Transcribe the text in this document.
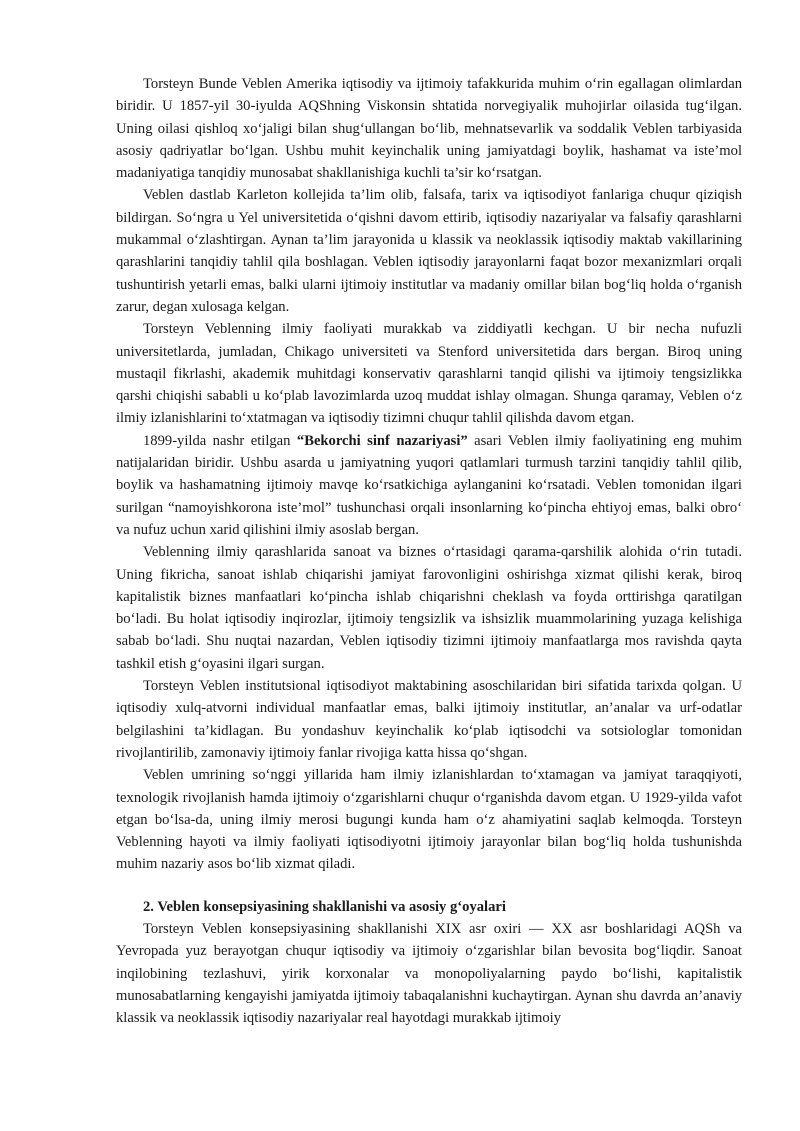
Torsteyn Bunde Veblen Amerika iqtisodiy va ijtimoiy tafakkurida muhim o‘rin egallagan olimlardan biridir. U 1857-yil 30-iyulda AQShning Viskonsin shtatida norvegiyalik muhojirlar oilasida tug‘ilgan. Uning oilasi qishloq xo‘jaligi bilan shug‘ullangan bo‘lib, mehnatsevarlik va soddalik Veblen tarbiyasida asosiy qadriyatlar bo‘lgan. Ushbu muhit keyinchalik uning jamiyatdagi boylik, hashamat va iste’mol madaniyatiga tanqidiy munosabat shakllanishiga kuchli ta’sir ko‘rsatgan.

Veblen dastlab Karleton kollejida ta’lim olib, falsafa, tarix va iqtisodiyot fanlariga chuqur qiziqish bildirgan. So‘ngra u Yel universitetida o‘qishni davom ettirib, iqtisodiy nazariyalar va falsafiy qarashlarni mukammal o‘zlashtirgan. Aynan ta’lim jarayonida u klassik va neoklassik iqtisodiy maktab vakillarining qarashlarini tanqidiy tahlil qila boshlagan. Veblen iqtisodiy jarayonlarni faqat bozor mexanizmlari orqali tushuntirish yetarli emas, balki ularni ijtimoiy institutlar va madaniy omillar bilan bog‘liq holda o‘rganish zarur, degan xulosaga kelgan.

Torsteyn Veblenning ilmiy faoliyati murakkab va ziddiyatli kechgan. U bir necha nufuzli universitetlarda, jumladan, Chikago universiteti va Stenford universitetida dars bergan. Biroq uning mustaqil fikrlashi, akademik muhitdagi konservativ qarashlarni tanqid qilishi va ijtimoiy tengsizlikka qarshi chiqishi sababli u ko‘plab lavozimlarda uzoq muddat ishlay olmagan. Shunga qaramay, Veblen o‘z ilmiy izlanishlarini to‘xtatmagan va iqtisodiy tizimni chuqur tahlil qilishda davom etgan.

1899-yilda nashr etilgan “Bekorchi sinf nazariyasi” asari Veblen ilmiy faoliyatining eng muhim natijalaridan biridir. Ushbu asarda u jamiyatning yuqori qatlamlari turmush tarzini tanqidiy tahlil qilib, boylik va hashamatning ijtimoiy mavqe ko‘rsatkichiga aylanganini ko‘rsatadi. Veblen tomonidan ilgari surilgan “namoyishkorona iste’mol” tushunchasi orqali insonlarning ko‘pincha ehtiyoj emas, balki obro‘ va nufuz uchun xarid qilishini ilmiy asoslab bergan.

Veblenning ilmiy qarashlarida sanoat va biznes o‘rtasidagi qarama-qarshilik alohida o‘rin tutadi. Uning fikricha, sanoat ishlab chiqarishi jamiyat farovonligini oshirishga xizmat qilishi kerak, biroq kapitalistik biznes manfaatlari ko‘pincha ishlab chiqarishni cheklash va foyda orttirishga qaratilgan bo‘ladi. Bu holat iqtisodiy inqirozlar, ijtimoiy tengsizlik va ishsizlik muammolarining yuzaga kelishiga sabab bo‘ladi. Shu nuqtai nazardan, Veblen iqtisodiy tizimni ijtimoiy manfaatlarga mos ravishda qayta tashkil etish g‘oyasini ilgari surgan.

Torsteyn Veblen institutsional iqtisodiyot maktabining asoschilaridan biri sifatida tarixda qolgan. U iqtisodiy xulq-atvorni individual manfaatlar emas, balki ijtimoiy institutlar, an’analar va urf-odatlar belgilashini ta’kidlagan. Bu yondashuv keyinchalik ko‘plab iqtisodchi va sotsiologlar tomonidan rivojlantirilib, zamonaviy ijtimoiy fanlar rivojiga katta hissa qo‘shgan.

Veblen umrining so‘nggi yillarida ham ilmiy izlanishlardan to‘xtamagan va jamiyat taraqqiyoti, texnologik rivojlanish hamda ijtimoiy o‘zgarishlarni chuqur o‘rganishda davom etgan. U 1929-yilda vafot etgan bo‘lsa-da, uning ilmiy merosi bugungi kunda ham o‘z ahamiyatini saqlab kelmoqda. Torsteyn Veblenning hayoti va ilmiy faoliyati iqtisodiyotni ijtimoiy jarayonlar bilan bog‘liq holda tushunishda muhim nazariy asos bo‘lib xizmat qiladi.

2. Veblen konsepsiyasining shakllanishi va asosiy g‘oyalari

Torsteyn Veblen konsepsiyasining shakllanishi XIX asr oxiri — XX asr boshlaridagi AQSh va Yevropada yuz berayotgan chuqur iqtisodiy va ijtimoiy o‘zgarishlar bilan bevosita bog‘liqdir. Sanoat inqilobining tezlashuvi, yirik korxonalar va monopoliyalarning paydo bo‘lishi, kapitalistik munosabatlarning kengayishi jamiyatda ijtimoiy tabaqalanishni kuchaytirgan. Aynan shu davrda an’anaviy klassik va neoklassik iqtisodiy nazariyalar real hayotdagi murakkab ijtimoiy
